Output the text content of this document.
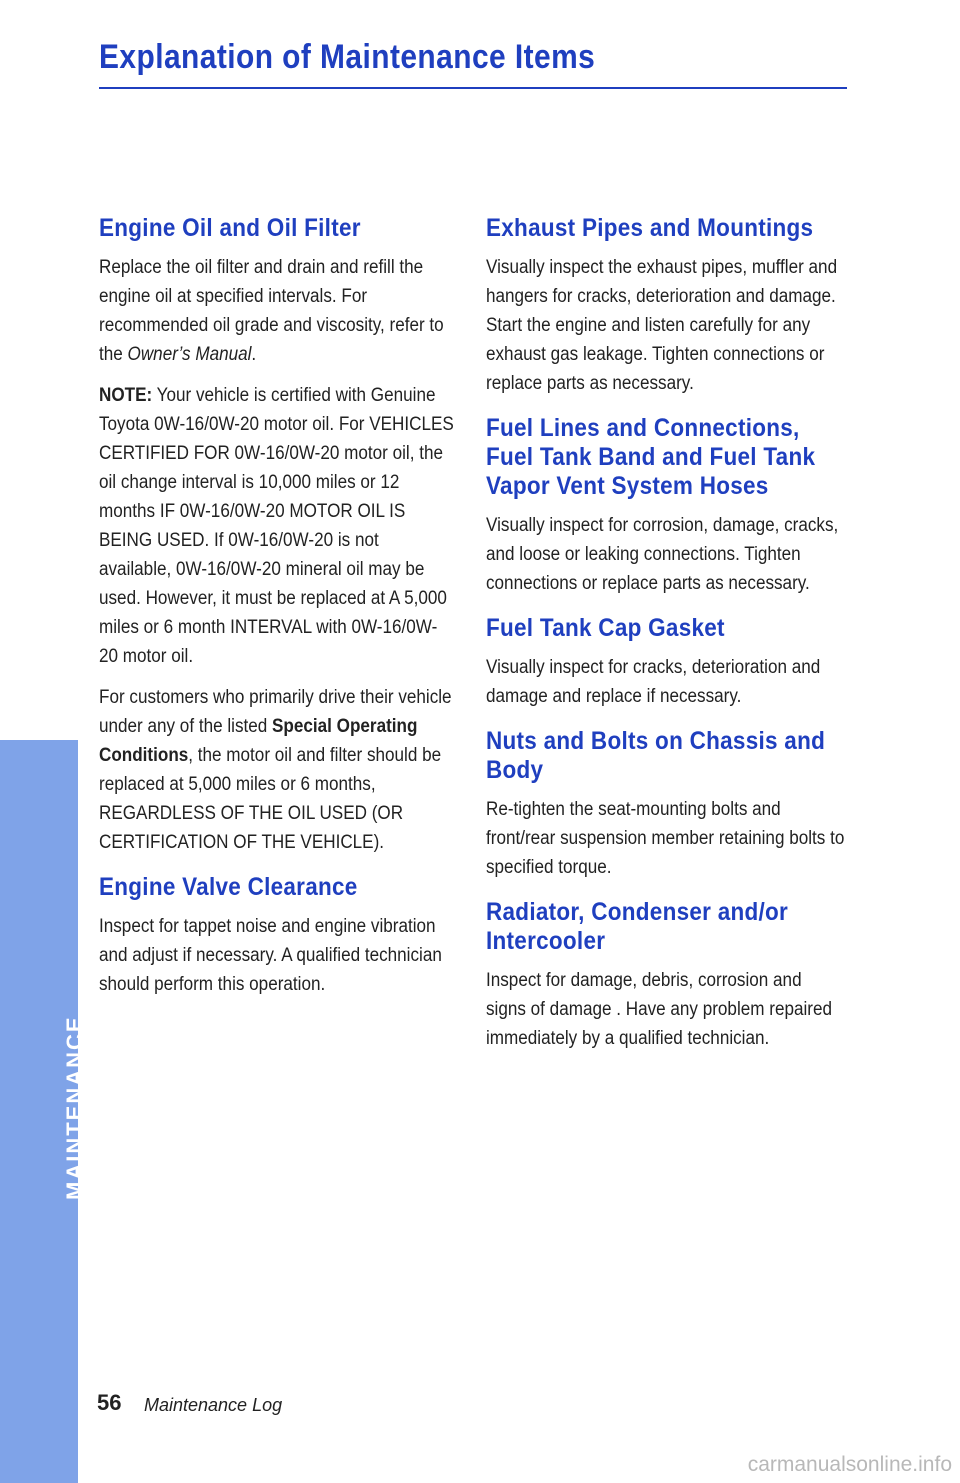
Explanation of Maintenance Items
Engine Oil and Oil Filter

Replace the oil filter and drain and refill the engine oil at specified intervals. For recommended oil grade and viscosity, refer to the Owner’s Manual.

NOTE: Your vehicle is certified with Genuine Toyota 0W-16/0W-20 motor oil. For VEHICLES CERTIFIED FOR 0W-16/0W-20 motor oil, the oil change interval is 10,000 miles or 12 months IF 0W-16/0W-20 MOTOR OIL IS BEING USED. If 0W-16/0W-20 is not available, 0W-16/0W-20 mineral oil may be used. However, it must be replaced at A 5,000 miles or 6 month INTERVAL with 0W-16/0W-20 motor oil.

For customers who primarily drive their vehicle under any of the listed Special Operating Conditions, the motor oil and filter should be replaced at 5,000 miles or 6 months, REGARDLESS OF THE OIL USED (OR CERTIFICATION OF THE VEHICLE).

Engine Valve Clearance

Inspect for tappet noise and engine vibration and adjust if necessary. A qualified technician should perform this operation.

Exhaust Pipes and Mountings

Visually inspect the exhaust pipes, muffler and hangers for cracks, deterioration and damage. Start the engine and listen carefully for any exhaust gas leakage. Tighten connections or replace parts as necessary.

Fuel Lines and Connections, Fuel Tank Band and Fuel Tank Vapor Vent System Hoses

Visually inspect for corrosion, damage, cracks, and loose or leaking connections. Tighten connections or replace parts as necessary.

Fuel Tank Cap Gasket

Visually inspect for cracks, deterioration and damage and replace if necessary.

Nuts and Bolts on Chassis and Body

Re-tighten the seat-mounting bolts and front/rear suspension member retaining bolts to specified torque.

Radiator, Condenser and/or Intercooler

Inspect for damage, debris, corrosion and signs of damage . Have any problem repaired immediately by a qualified technician.

MAINTENANCE
56 Maintenance Log
carmanualsonline.info
